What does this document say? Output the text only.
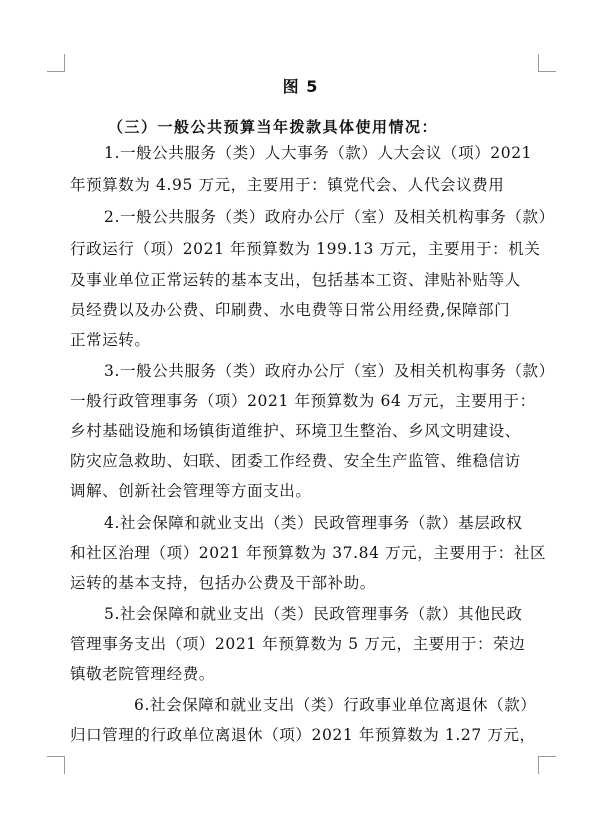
图 5
（三）一般公共预算当年拨款具体使用情况：
1.一般公共服务（类）人大事务（款）人大会议（项）2021
年预算数为 4.95 万元，主要用于：镇党代会、人代会议费用
2.一般公共服务（类）政府办公厅（室）及相关机构事务（款）
行政运行（项）2021 年预算数为 199.13 万元，主要用于：机关
及事业单位正常运转的基本支出，包括基本工资、津贴补贴等人
员经费以及办公费、印刷费、水电费等日常公用经费,保障部门
正常运转。
3.一般公共服务（类）政府办公厅（室）及相关机构事务（款）
一般行政管理事务（项）2021 年预算数为 64 万元，主要用于：
乡村基础设施和场镇街道维护、环境卫生整治、乡风文明建设、
防灾应急救助、妇联、团委工作经费、安全生产监管、维稳信访
调解、创新社会管理等方面支出。
4.社会保障和就业支出（类）民政管理事务（款）基层政权
和社区治理（项）2021 年预算数为 37.84 万元，主要用于：社区
运转的基本支持，包括办公费及干部补助。
5.社会保障和就业支出（类）民政管理事务（款）其他民政
管理事务支出（项）2021 年预算数为 5 万元，主要用于：荣边
镇敬老院管理经费。
6.社会保障和就业支出（类）行政事业单位离退休（款）
归口管理的行政单位离退休（项）2021 年预算数为 1.27 万元，
